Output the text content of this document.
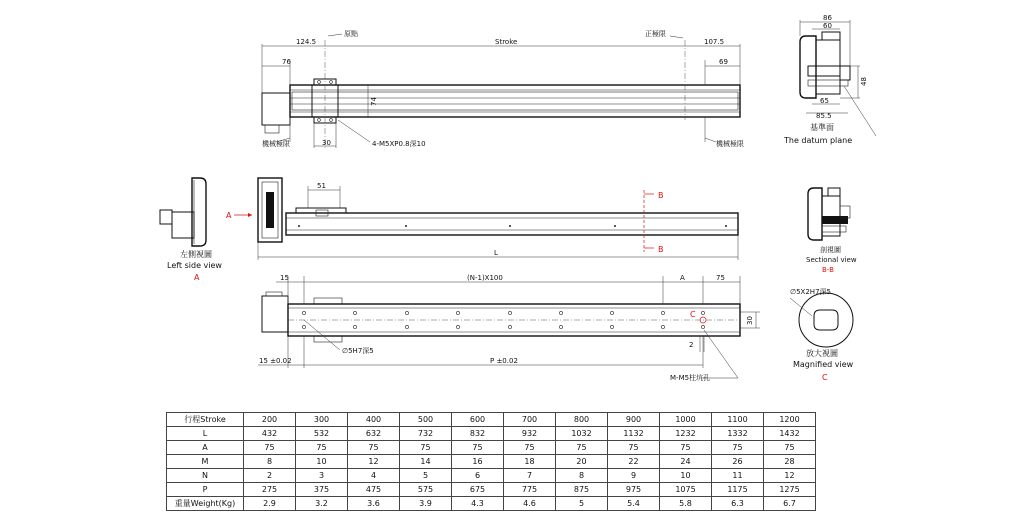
124.5
原點
Stroke
正極限
107.5
76	69
74
30
機械極限	機械極限
4-M5XP0.8深10
86
60
48
65
85.5
基準面
The datum plane
左側視圖
Left side view
A
A
51
L
B
B	剖視圖
Sectional view
B-B
∅5H7深5
15	(N-1)X100	A	75
30
C
2
15 ±0.02	P ±0.02
M-M5柱坑孔
∅5X2H7深5
放大視圖
Magnified view
C
行程Stroke	200	300	400	500	600	700	800	900	1000	1100	1200
L	432	532	632	732	832	932	1032	1132	1232	1332	1432
A	75	75	75	75	75	75	75	75	75	75	75
M	8	10	12	14	16	18	20	22	24	26	28
N	2	3	4	5	6	7	8	9	10	11	12
P	275	375	475	575	675	775	875	975	1075	1175	1275
重量Weight(Kg)	2.9	3.2	3.6	3.9	4.3	4.6	5	5.4	5.8	6.3	6.7
